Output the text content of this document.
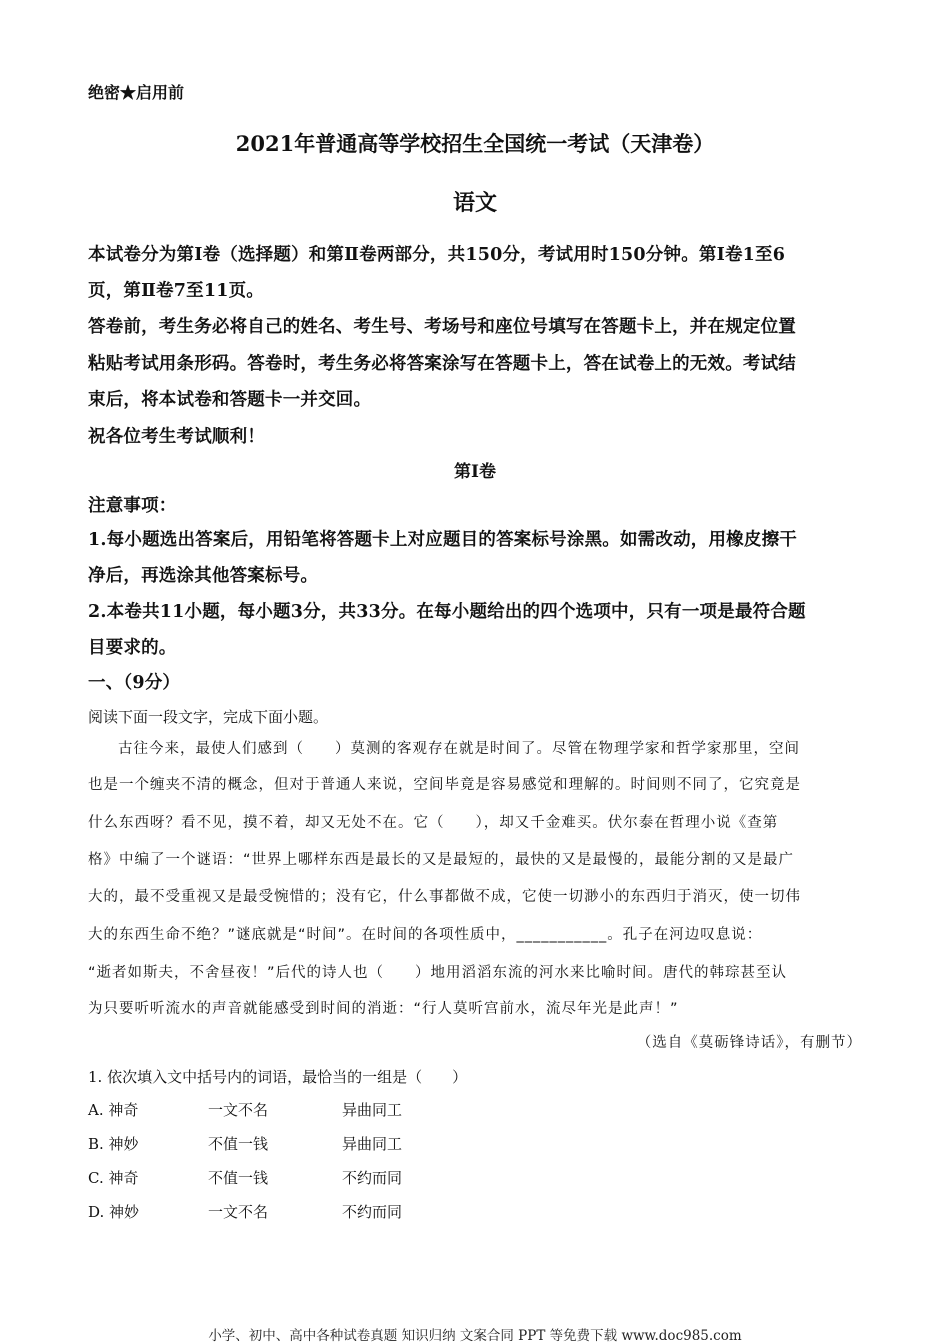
绝密★启用前
2021年普通高等学校招生全国统一考试（天津卷）
语文
本试卷分为第Ⅰ卷（选择题）和第Ⅱ卷两部分，共150分，考试用时150分钟。第Ⅰ卷1至6
页，第Ⅱ卷7至11页。
答卷前，考生务必将自己的姓名、考生号、考场号和座位号填写在答题卡上，并在规定位置
粘贴考试用条形码。答卷时，考生务必将答案涂写在答题卡上，答在试卷上的无效。考试结
束后，将本试卷和答题卡一并交回。
祝各位考生考试顺利！
第Ⅰ卷
注意事项：
1.每小题选出答案后，用铅笔将答题卡上对应题目的答案标号涂黑。如需改动，用橡皮擦干
净后，再选涂其他答案标号。
2.本卷共11小题，每小题3分，共33分。在每小题给出的四个选项中，只有一项是最符合题
目要求的。
一、（9分）
阅读下面一段文字，完成下面小题。
古往今来，最使人们感到（　　）莫测的客观存在就是时间了。尽管在物理学家和哲学家那里，空间
也是一个缠夹不清的概念，但对于普通人来说，空间毕竟是容易感觉和理解的。时间则不同了，它究竟是
什么东西呀？看不见，摸不着，却又无处不在。它（　　），却又千金难买。伏尔泰在哲理小说《查第
格》中编了一个谜语：“世界上哪样东西是最长的又是最短的，最快的又是最慢的，最能分割的又是最广
大的，最不受重视又是最受惋惜的；没有它，什么事都做不成，它使一切渺小的东西归于消灭，使一切伟
大的东西生命不绝？”谜底就是“时间”。在时间的各项性质中，___________。孔子在河边叹息说：
“逝者如斯夫，不舍昼夜！”后代的诗人也（　　）地用滔滔东流的河水来比喻时间。唐代的韩琮甚至认
为只要听听流水的声音就能感受到时间的消逝：“行人莫听宫前水，流尽年光是此声！”
（选自《莫砺锋诗话》，有删节）
1. 依次填入文中括号内的词语，最恰当的一组是（　　）
A. 神奇	一文不名	异曲同工
B. 神妙	不值一钱	异曲同工
C. 神奇	不值一钱	不约而同
D. 神妙	一文不名	不约而同
小学、初中、高中各种试卷真题 知识归纳 文案合同 PPT 等免费下载 www.doc985.com
